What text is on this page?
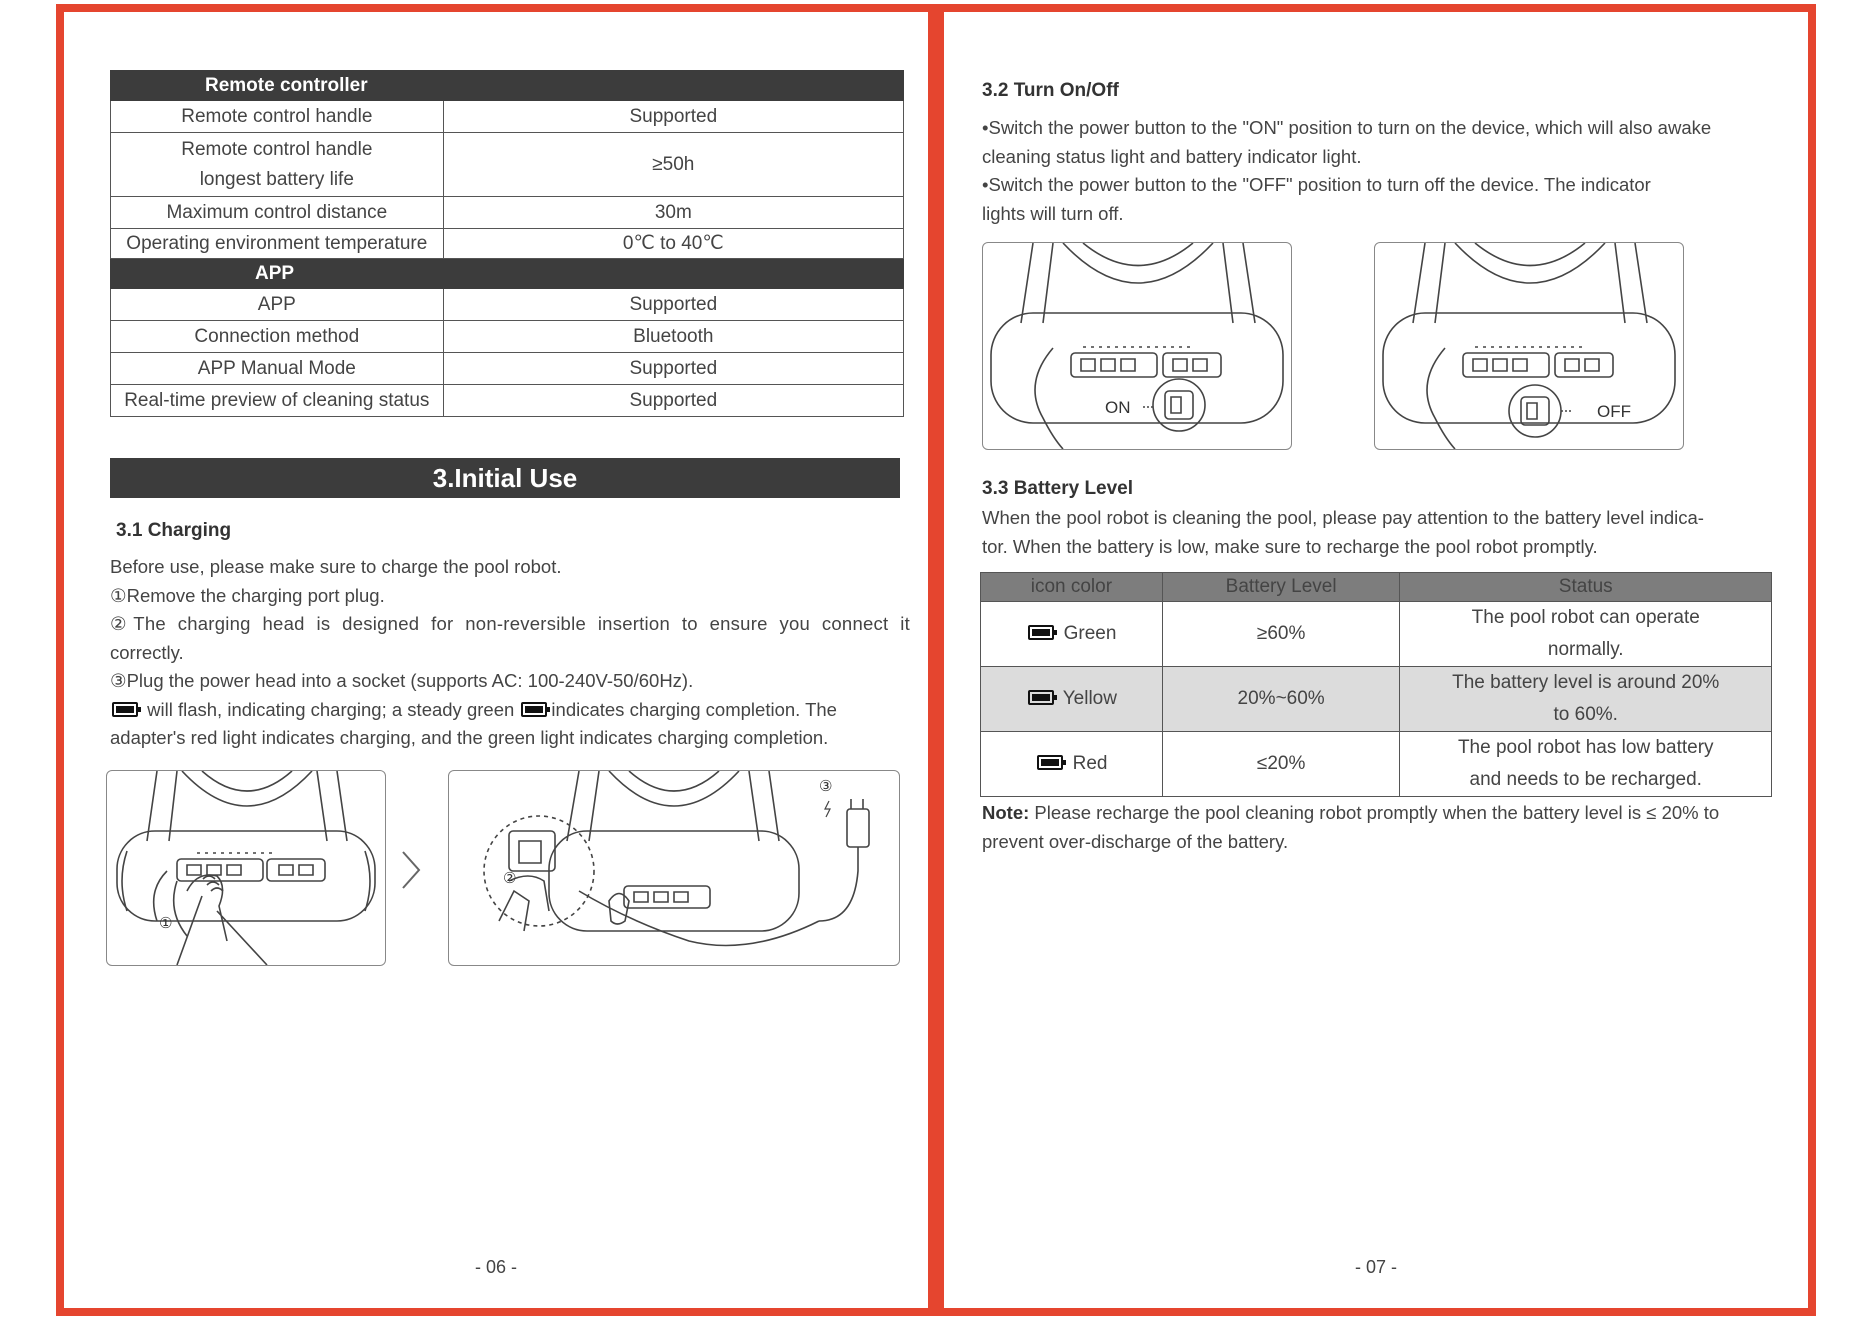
Remote controller	
Remote control handle	Supported

Remote control handle
longest battery life	≥50h
Maximum control distance	30m
Operating environment temperature	0℃ to 40℃
APP	
APP	Supported
Connection method	Bluetooth
APP Manual Mode	Supported
Real-time preview of cleaning status	Supported
3.Initial Use
3.1 Charging
Before use, please make sure to charge the pool robot.
①Remove the charging port plug.
②The charging head is designed for non-reversible insertion to ensure you connect it
correctly.
③Plug the power head into a socket (supports AC: 100-240V-50/60Hz).
will flash, indicating charging; a steady green indicates charging completion. The
adapter's red light indicates charging, and the green light indicates charging completion.
①
③
②
- 06 -
3.2 Turn On/Off
•Switch the power button to the "ON" position to turn on the device, which will also awake
cleaning status light and battery indicator light.
•Switch the power button to the "OFF" position to turn off the device. The indicator
lights will turn off.
ON	OFF
3.3 Battery Level
When the pool robot is cleaning the pool, please pay attention to the battery level indica-
tor. When the battery is low, make sure to recharge the pool robot promptly.
icon color	Battery Level	Status
Green	≥60%	The pool robot can operate
normally.

Yellow	20%~60%	The battery level is around 20%
to 60%.

Red	≤20%	The pool robot has low battery
and needs to be recharged.
Note: Please recharge the pool cleaning robot promptly when the battery level is ≤ 20% to
prevent over-discharge of the battery.
- 07 -
